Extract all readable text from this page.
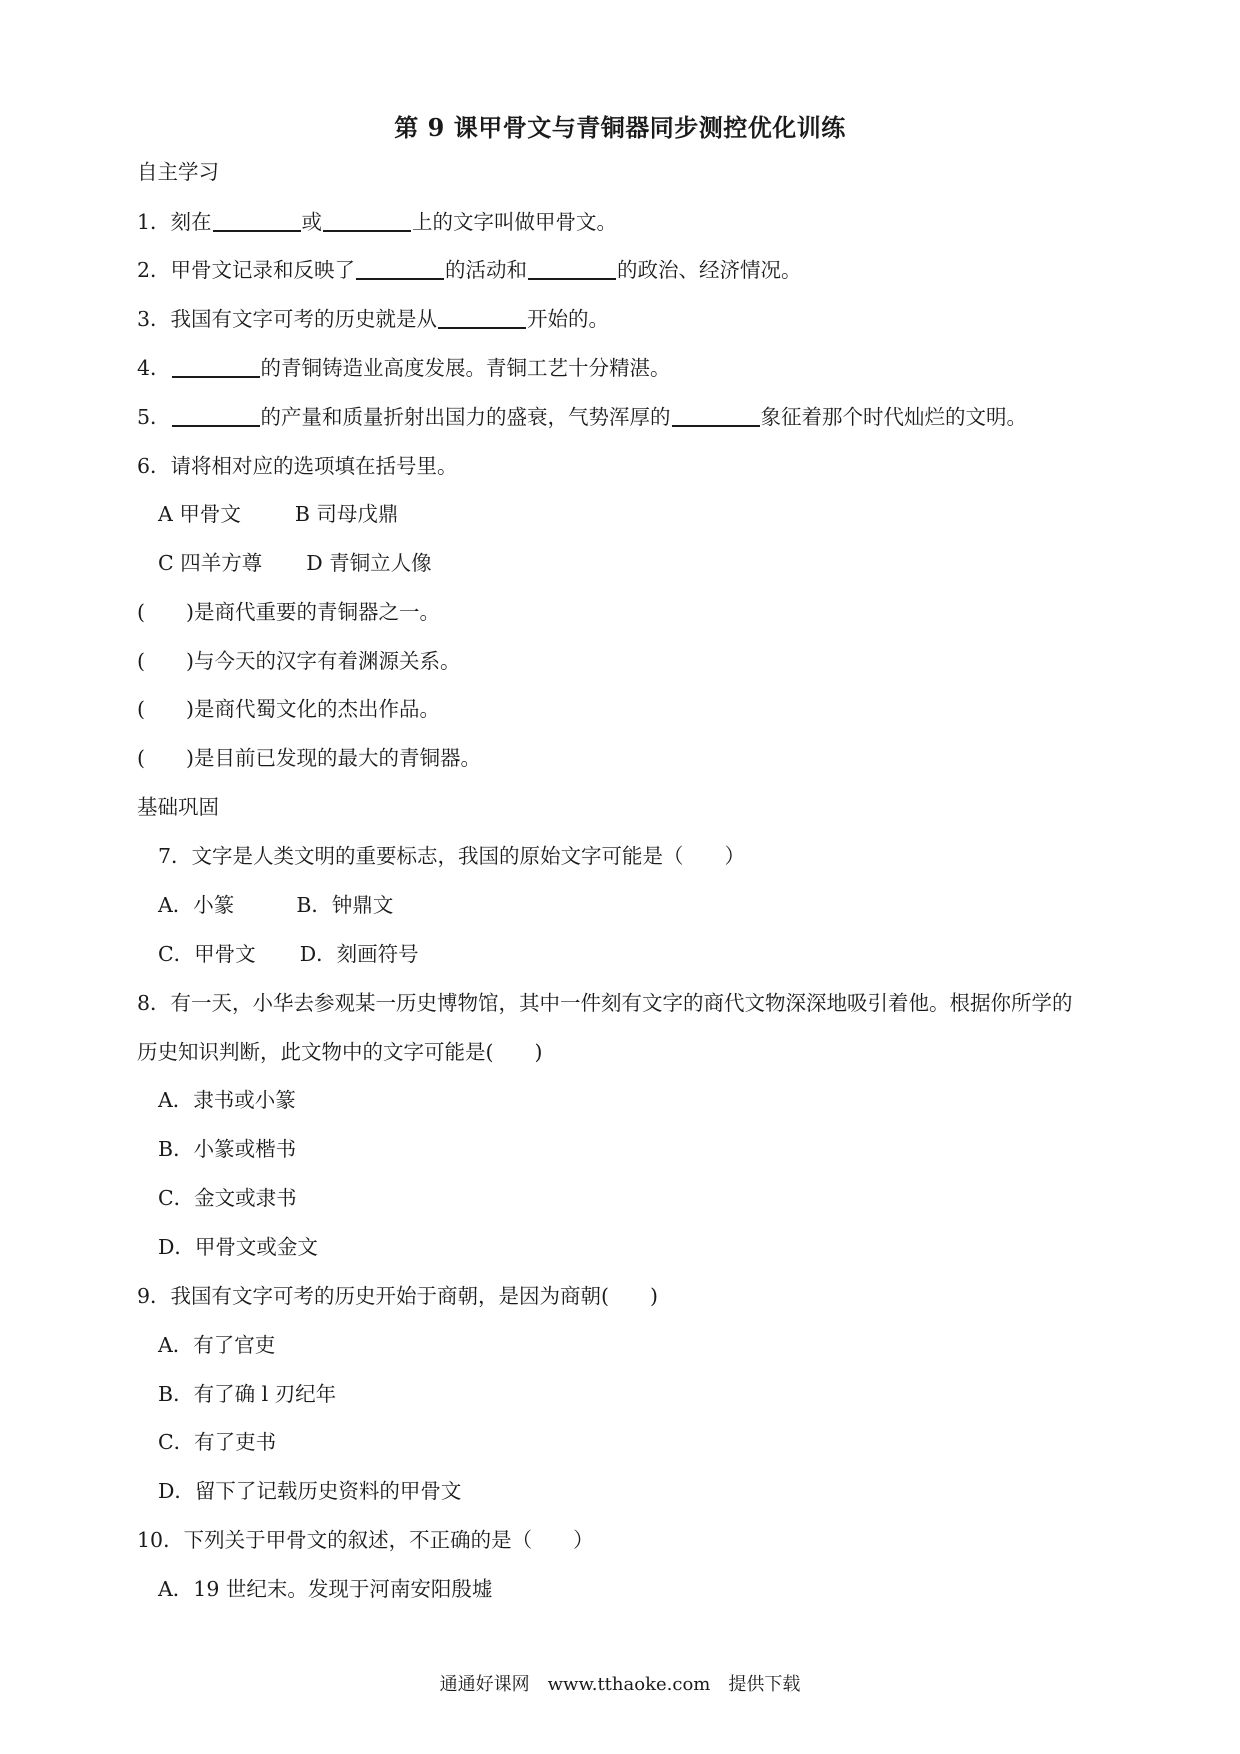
第 9 课甲骨文与青铜器同步测控优化训练
自主学习
1．刻在	或	上的文字叫做甲骨文。
2．甲骨文记录和反映了	的活动和	的政治、经济情况。
3．我国有文字可考的历史就是从	开始的。
4．	的青铜铸造业高度发展。青铜工艺十分精湛。
5．	的产量和质量折射出国力的盛衰，气势浑厚的	象征着那个时代灿烂的文明。
6．请将相对应的选项填在括号里。
A 甲骨文	B 司母戊鼎
C 四羊方尊 D 青铜立人像
(　　)是商代重要的青铜器之一。
(　　)与今天的汉字有着渊源关系。
(　　)是商代蜀文化的杰出作品。
(　　)是目前已发现的最大的青铜器。
基础巩固
7．文字是人类文明的重要标志，我国的原始文字可能是（　　）
A．小篆	B．钟鼎文
C．甲骨文 D．刻画符号
8．有一天，小华去参观某一历史博物馆，其中一件刻有文字的商代文物深深地吸引着他。根据你所学的
历史知识判断，此文物中的文字可能是(　　)
A．隶书或小篆
B．小篆或楷书
C．金文或隶书
D．甲骨文或金文
9．我国有文字可考的历史开始于商朝，是因为商朝(　　)
A．有了官吏
B．有了确 l 刃纪年
C．有了吏书
D．留下了记载历史资料的甲骨文
10．下列关于甲骨文的叙述，不正确的是（　　）
A．19 世纪末。发现于河南安阳殷墟
通通好课网　www.tthaoke.com　提供下载
